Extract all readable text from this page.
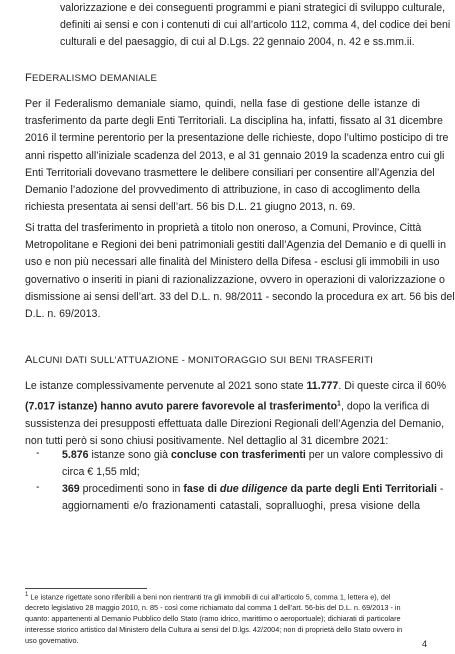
valorizzazione e dei conseguenti programmi e piani strategici di sviluppo culturale,
definiti ai sensi e con i contenuti di cui all’articolo 112, comma 4, del codice dei beni
culturali e del paesaggio, di cui al D.Lgs. 22 gennaio 2004, n. 42 e ss.mm.ii.
FEDERALISMO DEMANIALE
Per il Federalismo demaniale siamo, quindi, nella fase di gestione delle istanze di
trasferimento da parte degli Enti Territoriali. La disciplina ha, infatti, fissato al 31 dicembre
2016 il termine perentorio per la presentazione delle richieste, dopo l’ultimo posticipo di tre
anni rispetto all’iniziale scadenza del 2013, e al 31 gennaio 2019 la scadenza entro cui gli
Enti Territoriali dovevano trasmettere le delibere consiliari per consentire all’Agenzia del
Demanio l’adozione del provvedimento di attribuzione, in caso di accoglimento della
richiesta presentata ai sensi dell’art. 56 bis D.L. 21 giugno 2013, n. 69.
Si tratta del trasferimento in proprietà a titolo non oneroso, a Comuni, Province, Città
Metropolitane e Regioni dei beni patrimoniali gestiti dall’Agenzia del Demanio e di quelli in
uso e non più necessari alle finalità del Ministero della Difesa - esclusi gli immobili in uso
governativo o inseriti in piani di razionalizzazione, ovvero in operazioni di valorizzazione o
dismissione ai sensi dell’art. 33 del D.L. n. 98/2011 - secondo la procedura ex art. 56 bis del
D.L. n. 69/2013.
ALCUNI DATI SULL’ATTUAZIONE - MONITORAGGIO SUI BENI TRASFERITI
Le istanze complessivamente pervenute al 2021 sono state 11.777. Di queste circa il 60%
(7.017 istanze) hanno avuto parere favorevole al trasferimento$^1$, dopo la verifica di
sussistenza dei presupposti effettuata dalle Direzioni Regionali dell’Agenzia del Demanio,
non tutti però si sono chiusi positivamente. Nel dettaglio al 31 dicembre 2021:
- 5.876 istanze sono già concluse con trasferimenti per un valore complessivo di
circa € 1,55 mld;
- 369 procedimenti sono in fase di due diligence da parte degli Enti Territoriali -
aggiornamenti e/o frazionamenti catastali, sopralluoghi, presa visione della
$^1$ Le istanze rigettate sono riferibili a beni non rientranti tra gli immobili di cui all’articolo 5, comma 1, lettera e), del
decreto legislativo 28 maggio 2010, n. 85 - così come richiamato dal comma 1 dell’art. 56-bis del D.L. n. 69/2013 - in
quanto: appartenenti al Demanio Pubblico dello Stato (ramo idrico, marittimo o aeroportuale); dichiarati di particolare
interesse storico artistico dal Ministero della Cultura ai sensi del D.lgs. 42/2004; non di proprietà dello Stato ovvero in
uso governativo.	4
